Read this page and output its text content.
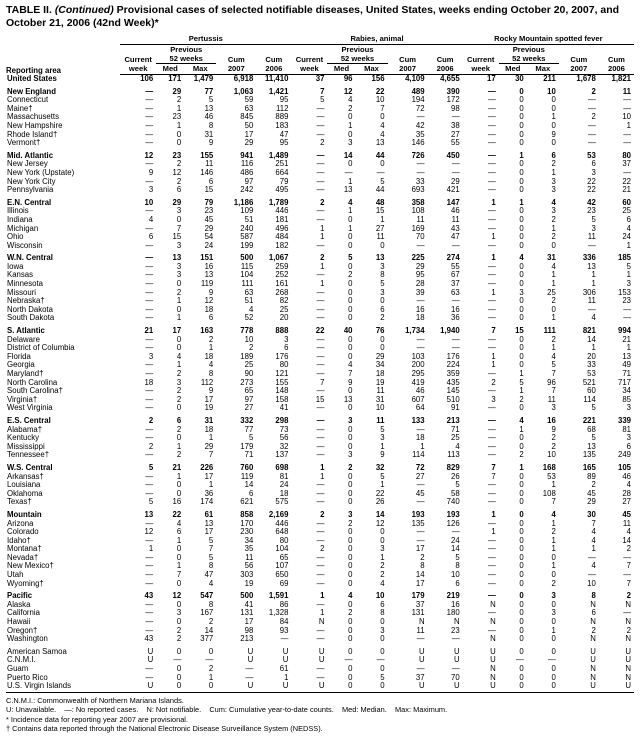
TABLE II. (Continued) Provisional cases of selected notifiable diseases, United States, weeks ending October 20, 2007, and October 21, 2006 (42nd Week)*
Reporting area	Pertussis					Rabies, animal					Rocky Mountain spotted fever				
		Previous					Previous					Previous			
	Current	52 weeks		Cum	Cum	Current	52 weeks		Cum	Cum	Current	52 weeks		Cum	Cum
	week	Med	Max	2007	2006	week	Med	Max	2007	2006	week	Med	Max	2007	2006
United States	106	171	1,479	6,918	11,410	37	96	156	4,109	4,655	17	30	211	1,678	1,821
New England	—	29	77	1,063	1,421	7	12	22	489	390	—	0	10	2	11
Connecticut	—	2	5	59	95	5	4	10	194	172	—	0	0	—	—
Maine†	—	1	13	63	112	—	2	7	72	98	—	0	0	—	—
Massachusetts	—	23	46	845	889	—	0	0	—	—	—	0	1	2	10
New Hampshire	—	1	8	50	183	—	1	4	42	38	—	0	0	—	1
Rhode Island†	—	0	31	17	47	—	0	4	35	27	—	0	9	—	—
Vermont†	—	0	9	29	95	2	3	13	146	55	—	0	0	—	—
Mid. Atlantic	12	23	155	941	1,489	—	14	44	726	450	—	1	6	53	80
New Jersey	—	2	11	116	251	—	0	0	—	—	—	0	2	6	37
New York (Upstate)	9	12	146	486	664	—	—	—	—	—	—	0	1	3	—
New York City	—	2	6	97	79	—	1	5	33	29	—	0	3	22	22
Pennsylvania	3	6	15	242	495	—	13	44	693	421	—	0	3	22	21
E.N. Central	10	29	79	1,186	1,789	2	4	48	358	147	1	1	4	42	60
Illinois	—	3	23	109	446	—	1	15	108	46	—	0	3	23	25
Indiana	4	0	45	51	181	—	0	1	11	11	—	0	2	5	6
Michigan	—	7	29	240	496	1	1	27	169	43	—	0	1	3	4
Ohio	6	15	54	587	484	1	0	11	70	47	1	0	2	11	24
Wisconsin	—	3	24	199	182	—	0	0	—	—	—	0	0	—	1
W.N. Central	—	13	151	500	1,067	2	5	13	225	274	1	4	31	336	185
Iowa	—	3	16	115	259	1	0	3	29	55	—	0	4	13	5
Kansas	—	3	13	104	252	—	2	8	95	67	—	0	1	1	1
Minnesota	—	0	119	111	161	1	0	5	28	37	—	0	1	1	3
Missouri	—	2	9	63	268	—	0	3	39	63	1	3	25	306	153
Nebraska†	—	1	12	51	82	—	0	0	—	—	—	0	2	11	23
North Dakota	—	0	18	4	25	—	0	6	16	16	—	0	0	—	—
South Dakota	—	1	6	52	20	—	0	2	18	36	—	0	1	4	—
S. Atlantic	21	17	163	778	888	22	40	76	1,734	1,940	7	15	111	821	994
Delaware	—	0	2	10	3	—	0	0	—	—	—	0	2	14	21
District of Columbia	—	0	1	2	6	—	0	0	—	—	—	0	1	1	1
Florida	3	4	18	189	176	—	0	29	103	176	1	0	4	20	13
Georgia	—	1	4	25	80	—	4	34	200	224	1	0	5	33	49
Maryland†	—	2	8	90	121	—	7	18	295	359	—	1	7	53	71
North Carolina	18	3	112	273	155	7	9	19	419	435	2	5	96	521	717
South Carolina†	—	2	9	65	148	—	0	11	46	145	—	1	7	60	34
Virginia†	—	2	17	97	158	15	13	31	607	510	3	2	11	114	85
West Virginia	—	0	19	27	41	—	0	10	64	91	—	0	3	5	3
E.S. Central	2	6	31	332	298	—	3	11	133	213	—	4	16	221	339
Alabama†	—	2	18	77	73	—	0	5	—	71	—	1	9	68	81
Kentucky	—	0	1	5	56	—	0	3	18	25	—	0	2	5	3
Mississippi	2	1	29	179	32	—	0	1	1	4	—	0	2	13	6
Tennessee†	—	2	7	71	137	—	3	9	114	113	—	2	10	135	249
W.S. Central	5	21	226	760	698	1	2	32	72	829	7	1	168	165	105
Arkansas†	—	1	17	119	81	1	0	5	27	26	7	0	53	89	46
Louisiana	—	0	1	14	24	—	0	1	—	5	—	0	1	2	4
Oklahoma	—	0	36	6	18	—	0	22	45	58	—	0	108	45	28
Texas†	5	16	174	621	575	—	0	26	—	740	—	0	7	29	27
Mountain	13	22	61	858	2,169	2	3	14	193	193	1	0	4	30	45
Arizona	—	4	13	170	446	—	2	12	135	126	—	0	1	7	11
Colorado	12	6	17	230	648	—	0	0	—	—	1	0	2	4	4
Idaho†	—	1	5	34	80	—	0	0	—	24	—	0	1	4	14
Montana†	1	0	7	35	104	2	0	3	17	14	—	0	1	1	2
Nevada†	—	0	5	11	65	—	0	1	2	5	—	0	0	—	—
New Mexico†	—	1	8	56	107	—	0	2	8	8	—	0	1	4	7
Utah	—	7	47	303	650	—	0	2	14	10	—	0	0	—	—
Wyoming†	—	0	4	19	69	—	0	4	17	6	—	0	2	10	7
Pacific	43	12	547	500	1,591	1	4	10	179	219	—	0	3	8	2
Alaska	—	0	8	41	86	—	0	6	37	16	N	0	0	N	N
California	—	3	167	131	1,328	1	2	8	131	180	—	0	3	6	—
Hawaii	—	0	2	17	84	N	0	0	N	N	N	0	0	N	N
Oregon†	—	2	14	98	93	—	0	3	11	23	—	0	1	2	2
Washington	43	2	377	213	—	—	0	0	—	—	N	0	0	N	N
American Samoa	U	0	0	U	U	U	0	0	U	U	U	0	0	U	U
C.N.M.I.	U	—	—	U	U	U	—	—	U	U	U	—	—	U	U
Guam	—	0	2	—	61	—	0	0	—	—	N	0	0	N	N
Puerto Rico	—	0	1	—	1	—	0	5	37	70	N	0	0	N	N
U.S. Virgin Islands	U	0	0	U	U	U	0	0	U	U	U	0	0	U	U
C.N.M.I.: Commonwealth of Northern Mariana Islands.
U: Unavailable.    —: No reported cases.    N: Not notifiable.    Cum: Cumulative year-to-date counts.    Med: Median.    Max: Maximum.
* Incidence data for reporting year 2007 are provisional.
† Contains data reported through the National Electronic Disease Surveillance System (NEDSS).
